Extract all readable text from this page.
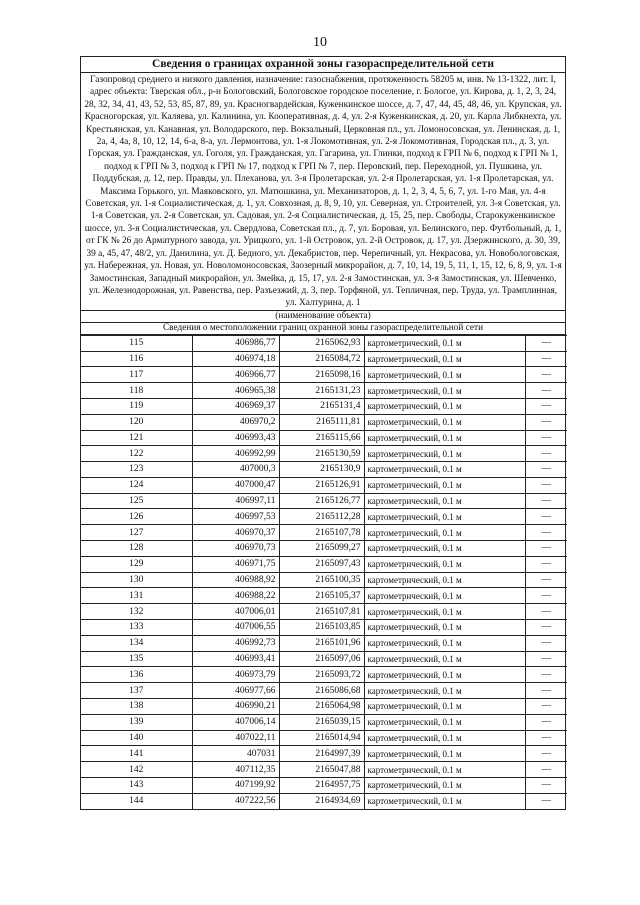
10
Сведения о границах охранной зоны газораспределительной сети
Газопровод среднего и низкого давления, назначение: газоснабжения, протяженность 58205 м, инв. № 13-1322, лит. I, адрес объекта: Тверская обл., р-н Бологовский, Бологовское городское поселение, г. Бологое, ул. Кирова, д. 1, 2, 3, 24, 28, 32, 34, 41, 43, 52, 53, 85, 87, 89, ул. Красногвардейская, Куженкинское шоссе, д. 7, 47, 44, 45, 48, 46, ул. Крупская, ул. Красногорская, ул. Каляева, ул. Калинина, ул. Кооперативная, д. 4, ул. 2-я Куженкинская, д. 20, ул. Карла Либкнехта, ул. Крестьянская, ул. Канавная, ул. Володарского, пер. Вокзальный, Церковная пл., ул. Ломоносовская, ул. Ленинская, д. 1, 2а, 4, 4а, 8, 10, 12, 14, 6-а, 8-а, ул. Лермонтова, ул. 1-я Локомотивная, ул. 2-я Локомотивная, Городская пл., д. 3, ул. Горская, ул. Гражданская, ул. Гоголя, ул. Гражданская, ул. Гагарина, ул. Глинки, подход к ГРП № 6, подход к ГРП № 1, подход к ГРП № 3, подход к ГРП № 17, подход к ГРП № 7, пер. Перовский, пер. Переходной, ул. Пушкина, ул. Поддубская, д. 12, пер. Правды, ул. Плеханова, ул. 3-я Пролетарская, ул. 2-я Пролетарская, ул. 1-я Пролетарская, ул. Максима Горького, ул. Маяковского, ул. Матюшкина, ул. Механизаторов, д. 1, 2, 3, 4, 5, 6, 7, ул. 1-го Мая, ул. 4-я Советская, ул. 1-я Социалистическая, д. 1, ул. Совхозная, д. 8, 9, 10, ул. Северная, ул. Строителей, ул. 3-я Советская, ул. 1-я Советская, ул. 2-я Советская, ул. Садовая, ул. 2-я Социалистическая, д. 15, 25, пер. Свободы, Старокуженкинское шоссе, ул. 3-я Социалистическая, ул. Свердлова, Советская пл., д. 7, ул. Боровая, ул. Белинского, пер. Футбольный, д. 1, от ГК № 26 до Арматурного завода, ул. Урицкого, ул. 1-й Островок, ул. 2-й Островок, д. 17, ул. Дзержинского, д. 30, 39, 39 а, 45, 47, 48/2, ул. Данилина, ул. Д. Бедного, ул. Декабристов, пер. Черепичный, ул. Некрасова, ул. Новобологовская, ул. Набережная, ул. Новая, ул. Новоломоносовская, Заозерный микрорайон, д. 7, 10, 14, 19, 5, 11, 1, 15, 12, 6, 8, 9, ул. 1-я Замостинская, Западный микрорайон, ул. Змейка, д. 15, 17, ул. 2-я Замостинская, ул. 3-я Замостинская, ул. Шевченко, ул. Железнодорожная, ул. Равенства, пер. Разъезжий, д. 3, пер. Торфяной, ул. Тепличная, пер. Труда, ул. Трамплинная, ул. Халтурина, д. 1
(наименование объекта)
Сведения о местоположении границ охранной зоны газораспределительной сети
115	406986,77	2165062,93	картометрический, 0.1 м	—
116	406974,18	2165084,72	картометрический, 0.1 м	—
117	406966,77	2165098,16	картометрический, 0.1 м	—
118	406965,38	2165131,23	картометрический, 0.1 м	—
119	406969,37	2165131,4	картометрический, 0.1 м	—
120	406970,2	2165111,81	картометрический, 0.1 м	—
121	406993,43	2165115,66	картометрический, 0.1 м	—
122	406992,99	2165130,59	картометрический, 0.1 м	—
123	407000,3	2165130,9	картометрический, 0.1 м	—
124	407000,47	2165126,91	картометрический, 0.1 м	—
125	406997,11	2165126,77	картометрический, 0.1 м	—
126	406997,53	2165112,28	картометрический, 0.1 м	—
127	406970,37	2165107,78	картометрический, 0.1 м	—
128	406970,73	2165099,27	картометрический, 0.1 м	—
129	406971,75	2165097,43	картометрический, 0.1 м	—
130	406988,92	2165100,35	картометрический, 0.1 м	—
131	406988,22	2165105,37	картометрический, 0.1 м	—
132	407006,01	2165107,81	картометрический, 0.1 м	—
133	407006,55	2165103,85	картометрический, 0.1 м	—
134	406992,73	2165101,96	картометрический, 0.1 м	—
135	406993,41	2165097,06	картометрический, 0.1 м	—
136	406973,79	2165093,72	картометрический, 0.1 м	—
137	406977,66	2165086,68	картометрический, 0.1 м	—
138	406990,21	2165064,98	картометрический, 0.1 м	—
139	407006,14	2165039,15	картометрический, 0.1 м	—
140	407022,11	2165014,94	картометрический, 0.1 м	—
141	407031	2164997,39	картометрический, 0.1 м	—
142	407112,35	2165047,88	картометрический, 0.1 м	—
143	407199,92	2164957,75	картометрический, 0.1 м	—
144	407222,56	2164934,69	картометрический, 0.1 м	—
